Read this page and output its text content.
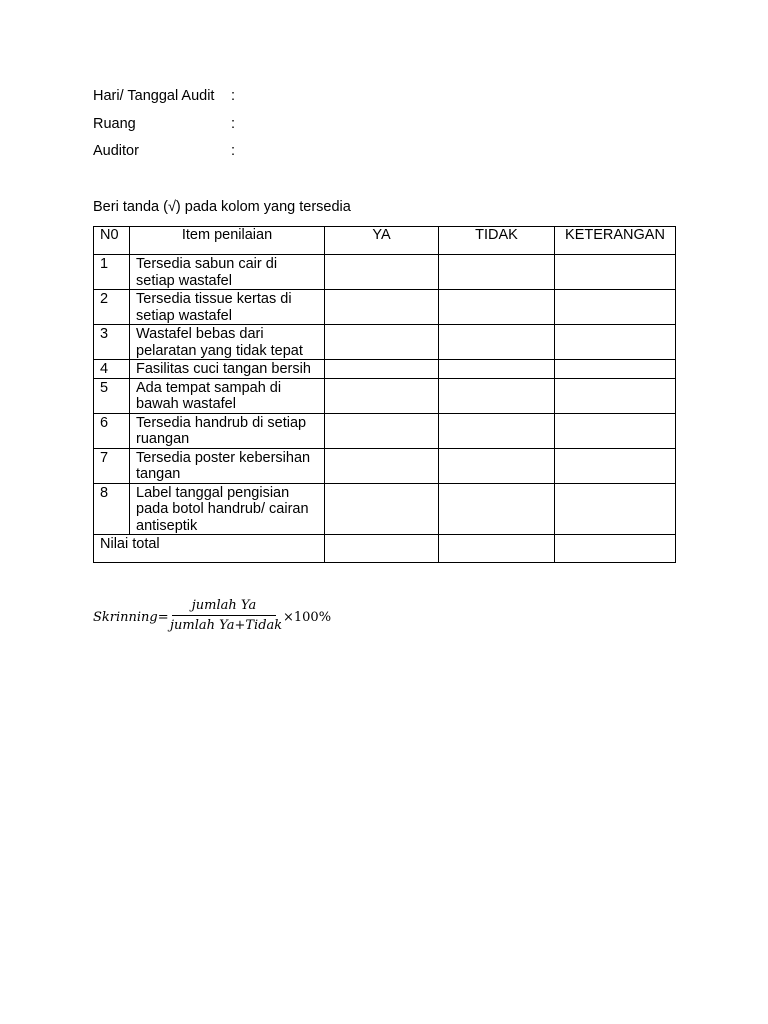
Hari/ Tanggal Audit :
Ruang	:
Auditor	:
Beri tanda (√) pada kolom yang tersedia
N0	Item penilaian	YA	TIDAK	KETERANGAN
1	Tersedia sabun cair di setiap wastafel			
2	Tersedia tissue kertas di setiap wastafel			
3	Wastafel bebas dari pelaratan yang tidak tepat			
4	Fasilitas cuci tangan bersih			
5	Ada tempat sampah di bawah wastafel			
6	Tersedia handrub di setiap ruangan			
7	Tersedia poster kebersihan tangan			
8	Label tanggal pengisian pada botol handrub/ cairan antiseptik			
Nilai total				
Skrinning=
jumlah Ya
jumlah Ya+Tidak
×100%
